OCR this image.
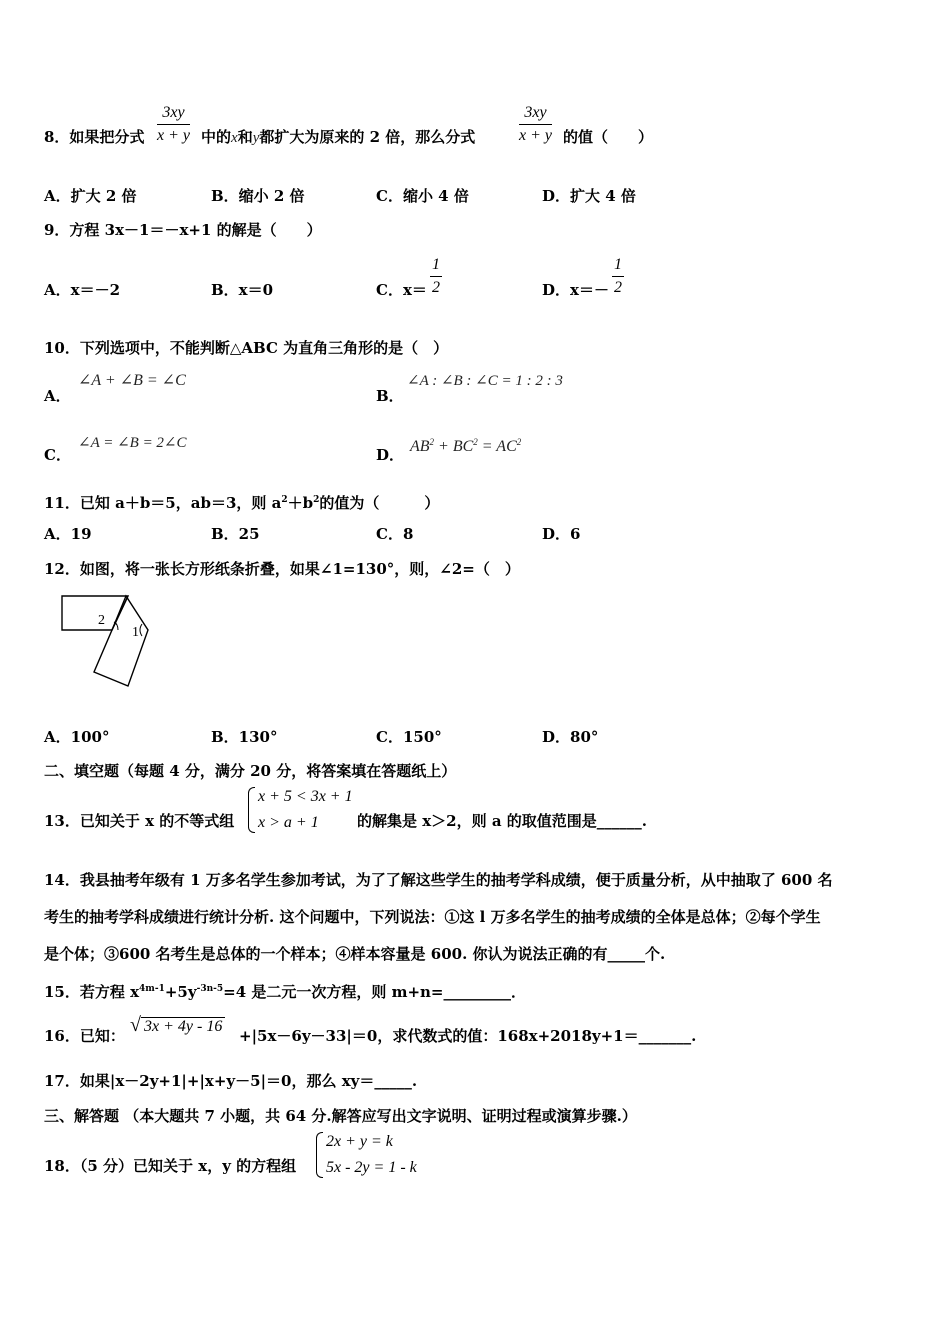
8．如果把分式 $\frac{3xy}{x + y}$ 中的x和y都扩大为原来的 2 倍，那么分式	$\frac{3xy}{x + y}$ 的值（　　）
A．扩大 2 倍	B．缩小 2 倍	C．缩小 4 倍	D．扩大 4 倍
9．方程 3x－1＝－x+1 的解是（　　）
A．x＝－2	B．x＝0	C．$x= \frac{1}{2}$	D．$x=- \frac{1}{2}$
10．下列选项中，不能判断△ABC 为直角三角形的是（　）
A．
∠A + ∠B = ∠C
B．
∠A : ∠B : ∠C = 1 : 2 : 3
C．
∠A = ∠B = 2∠C
D． $AB^2 + BC^2 = AC^2$
11．已知 a＋b＝5，ab＝3，则 $a^2+b^2$的值为（　　　）
A．19	B．25	C．8	D．6
12．如图，将一张长方形纸条折叠，如果∠1=130°，则，∠2=（　）
2
1
A．100°	B．130°	C．150°	D．80°
二、填空题（每题 4 分，满分 20 分，将答案填在答题纸上）
13．已知关于 x 的不等式组
x + 5 < 3x + 1
x > a + 1	的解集是 x＞2，则 a 的取值范围是______.
14．我县抽考年级有 1 万多名学生参加考试，为了了解这些学生的抽考学科成绩，便于质量分析，从中抽取了 600 名
考生的抽考学科成绩进行统计分析. 这个问题中，下列说法：①这 l 万多名学生的抽考成绩的全体是总体；②每个学生
是个体；③600 名考生是总体的一个样本；④样本容量是 600. 你认为说法正确的有_____个.
15．若方程 $x^{4m-1}+5y^{-3n-5}=4$ 是二元一次方程，则 m+n=_________．
16．已知： √ 3x + 4y - 16
+|5x－6y－33|＝0，求代数式的值：168x+2018y+1＝_______.
17．如果|x－2y+1|+|x+y－5|＝0，那么 xy＝_____.
三、解答题 （本大题共 7 小题，共 64 分.解答应写出文字说明、证明过程或演算步骤.）
18．（5 分）已知关于 x，y 的方程组
2x + y = k
5x - 2y = 1 - k
